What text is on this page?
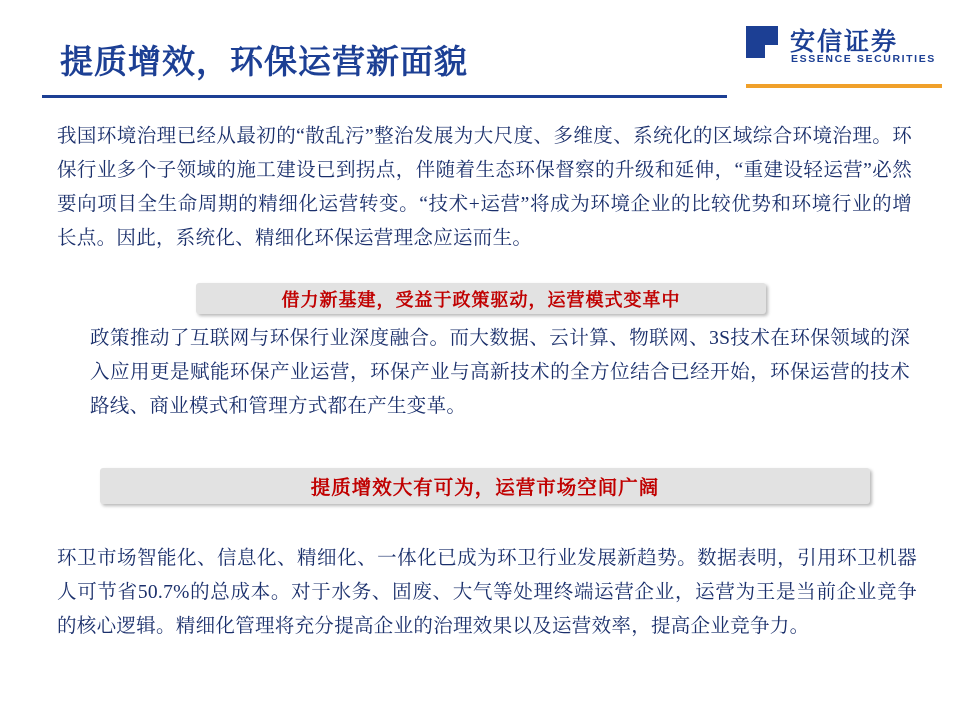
提质增效，环保运营新面貌
安信证券
ESSENCE SECURITIES
我国环境治理已经从最初的“散乱污”整治发展为大尺度、多维度、系统化的区域综合环境治理。环保行业多个子领域的施工建设已到拐点，伴随着生态环保督察的升级和延伸，“重建设轻运营”必然要向项目全生命周期的精细化运营转变。“技术+运营”将成为环境企业的比较优势和环境行业的增长点。因此，系统化、精细化环保运营理念应运而生。
借力新基建，受益于政策驱动，运营模式变革中
政策推动了互联网与环保行业深度融合。而大数据、云计算、物联网、3S技术在环保领域的深入应用更是赋能环保产业运营，环保产业与高新技术的全方位结合已经开始，环保运营的技术路线、商业模式和管理方式都在产生变革。
提质增效大有可为，运营市场空间广阔
环卫市场智能化、信息化、精细化、一体化已成为环卫行业发展新趋势。数据表明，引用环卫机器人可节省50.7%的总成本。对于水务、固废、大气等处理终端运营企业，运营为王是当前企业竞争的核心逻辑。精细化管理将充分提高企业的治理效果以及运营效率，提高企业竞争力。
